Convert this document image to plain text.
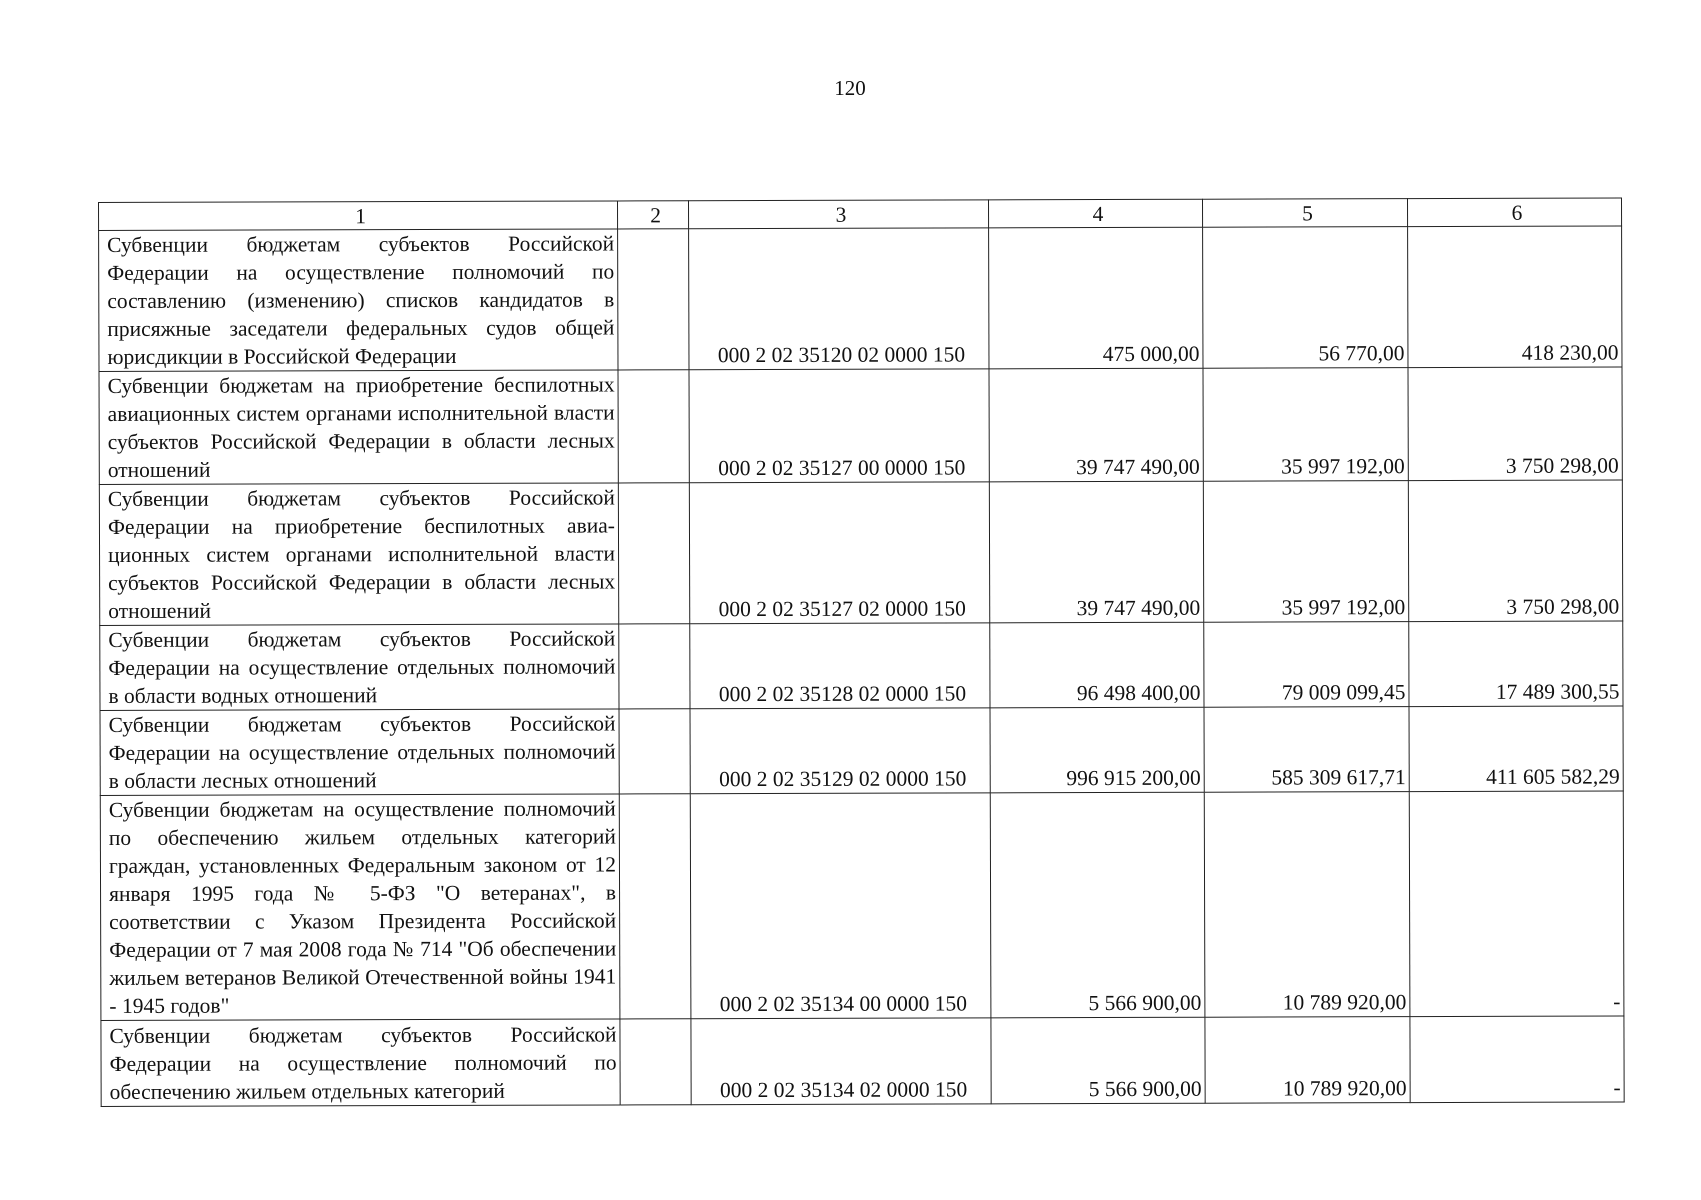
120
1	2	3	4	5	6
Субвенции бюджетам субъектов Российской Федерации на осуществление полномочий по составлению (изменению) списков кандидатов в присяжные заседатели федеральных судов общей юрисдикции в Российской Федерации		000 2 02 35120 02 0000 150	475 000,00	56 770,00	418 230,00
Субвенции бюджетам на приобретение беспилотных авиационных систем органами исполнительной власти субъектов Российской Федерации в области лесных отношений		000 2 02 35127 00 0000 150	39 747 490,00	35 997 192,00	3 750 298,00
Субвенции бюджетам субъектов Российской Федерации на приобретение беспилотных авиационных систем органами исполнительной власти субъектов Российской Федерации в области лесных отношений		000 2 02 35127 02 0000 150	39 747 490,00	35 997 192,00	3 750 298,00
Субвенции бюджетам субъектов Российской Федерации на осуществление отдельных полномочий в области водных отношений		000 2 02 35128 02 0000 150	96 498 400,00	79 009 099,45	17 489 300,55
Субвенции бюджетам субъектов Российской Федерации на осуществление отдельных полномочий в области лесных отношений		000 2 02 35129 02 0000 150	996 915 200,00	585 309 617,71	411 605 582,29
Субвенции бюджетам на осуществление полномочий по обеспечению жильем отдельных категорий граждан, установленных Федеральным законом от 12 января 1995 года № 5-ФЗ "О ветеранах", в соответствии с Указом Президента Российской Федерации от 7 мая 2008 года № 714 "Об обеспечении жильем ветеранов Великой Отечественной войны 1941 - 1945 годов"		000 2 02 35134 00 0000 150	5 566 900,00	10 789 920,00	-
Субвенции бюджетам субъектов Российской Федерации на осуществление полномочий по обеспечению жильем отдельных категорий		000 2 02 35134 02 0000 150	5 566 900,00	10 789 920,00	-
